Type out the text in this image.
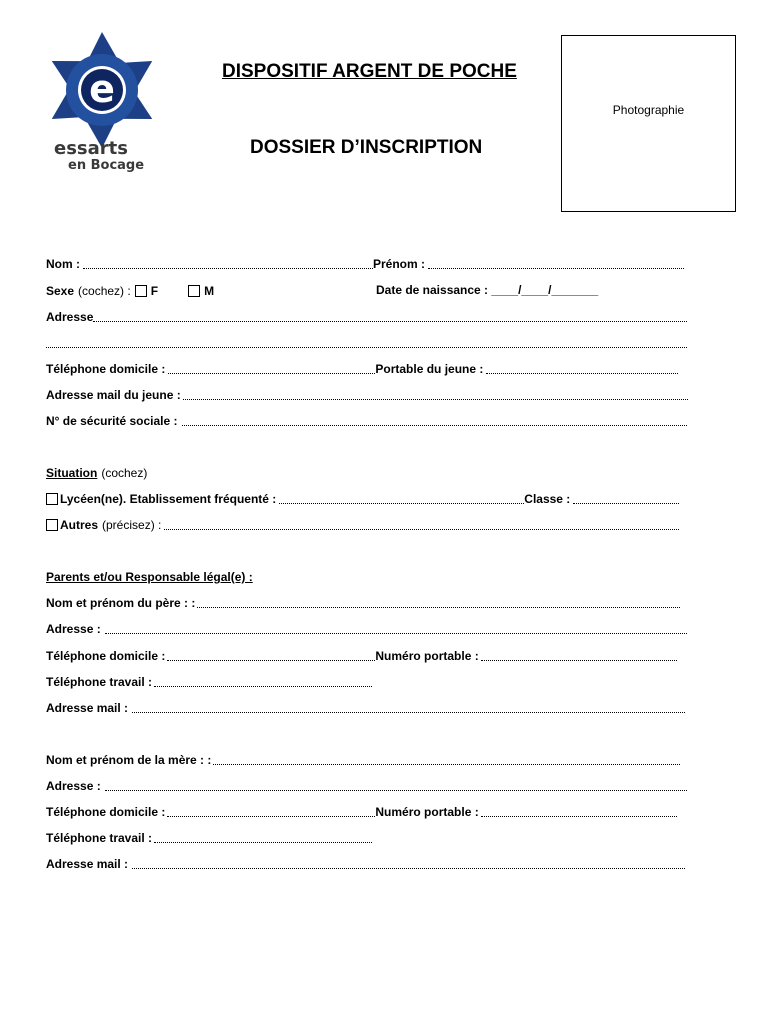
e
essarts
en Bocage
DISPOSITIF ARGENT DE POCHE
DOSSIER D’INSCRIPTION
Photographie
Nom :	Prénom :
Sexe (cochez) : F	M	Date de naissance : ____/____/_______
Adresse
Téléphone domicile :	Portable du jeune :
Adresse mail du jeune :
N° de sécurité sociale :
Situation (cochez)
Lycéen(ne). Etablissement fréquenté :	Classe :
Autres (précisez) :
Parents et/ou Responsable légal(e) :
Nom et prénom du père : :
Adresse :
Téléphone domicile :	Numéro portable :
Téléphone travail :
Adresse mail :
Nom et prénom de la mère : :
Adresse :
Téléphone domicile :	Numéro portable :
Téléphone travail :
Adresse mail :
